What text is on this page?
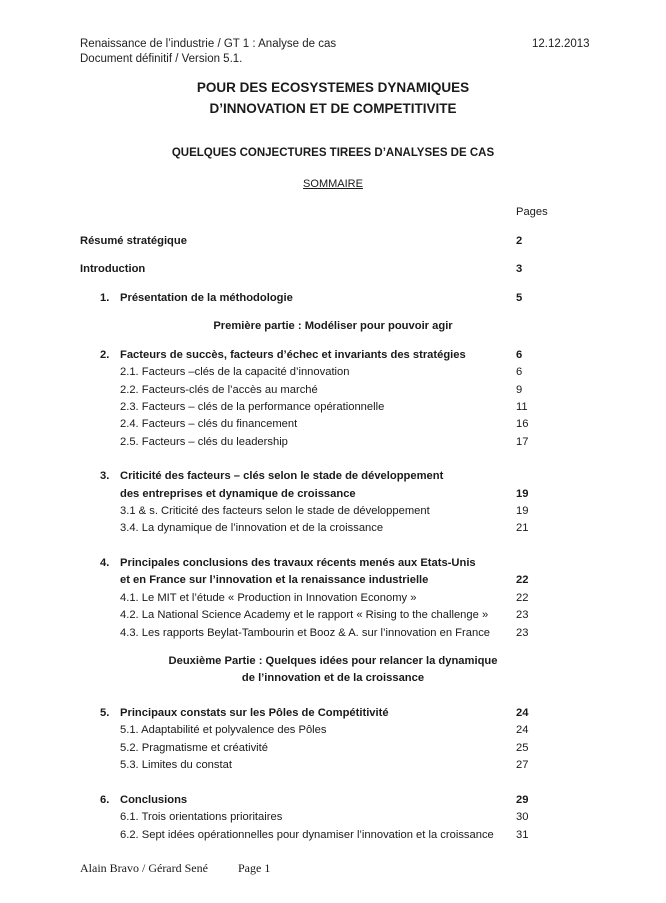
Renaissance de l’industrie / GT 1 : Analyse de cas
Document définitif / Version 5.1.
12.12.2013
POUR DES ECOSYSTEMES DYNAMIQUES
D’INNOVATION ET DE COMPETITIVITE
QUELQUES CONJECTURES TIREES D’ANALYSES DE CAS
SOMMAIRE
Pages
Résumé stratégique	2
Introduction	3
1. Présentation de la méthodologie	5
Première partie : Modéliser pour pouvoir agir
2. Facteurs de succès, facteurs d’échec et invariants des stratégies	6
2.1. Facteurs –clés de la capacité d’innovation	6
2.2. Facteurs-clés de l’accès au marché	9
2.3. Facteurs – clés de la performance opérationnelle	11
2.4. Facteurs – clés du financement	16
2.5. Facteurs – clés du leadership	17
3. Criticité des facteurs – clés selon le stade de développement
des entreprises et dynamique de croissance	19
3.1 & s. Criticité des facteurs selon le stade de développement	19
3.4. La dynamique de l’innovation et de la croissance	21
4. Principales conclusions des travaux récents menés aux Etats-Unis
et en France sur l’innovation et la renaissance industrielle	22
4.1. Le MIT et l’étude « Production in Innovation Economy »	22
4.2. La National Science Academy et le rapport « Rising to the challenge » 23
4.3. Les rapports Beylat-Tambourin et Booz & A. sur l’innovation en France 23
Deuxième Partie : Quelques idées pour relancer la dynamique
de l’innovation et de la croissance
5. Principaux constats sur les Pôles de Compétitivité	24
5.1. Adaptabilité et polyvalence des Pôles	24
5.2. Pragmatisme et créativité	25
5.3. Limites du constat	27
6. Conclusions	29
6.1. Trois orientations prioritaires	30
6.2. Sept idées opérationnelles pour dynamiser l’innovation et la croissance 31
Alain Bravo / Gérard Sené	Page 1
